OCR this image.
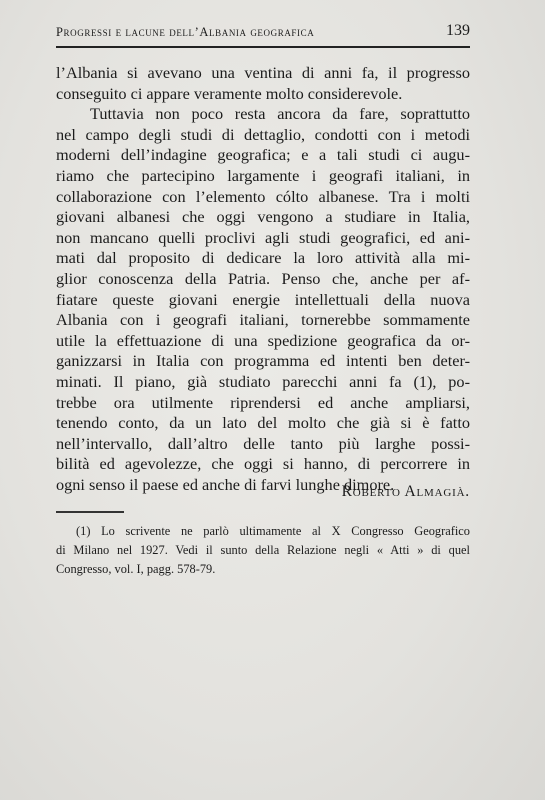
Progressi e lacune dell’Albania geografica	139
l’Albania si avevano una ventina di anni fa, il progresso
conseguito ci appare veramente molto considerevole.
Tuttavia non poco resta ancora da fare, soprattutto
nel campo degli studi di dettaglio, condotti con i metodi
moderni dell’indagine geografica; e a tali studi ci augu-
riamo che partecipino largamente i geografi italiani, in
collaborazione con l’elemento cólto albanese. Tra i molti
giovani albanesi che oggi vengono a studiare in Italia,
non mancano quelli proclivi agli studi geografici, ed ani-
mati dal proposito di dedicare la loro attività alla mi-
glior conoscenza della Patria. Penso che, anche per af-
fiatare queste giovani energie intellettuali della nuova
Albania con i geografi italiani, tornerebbe sommamente
utile la effettuazione di una spedizione geografica da or-
ganizzarsi in Italia con programma ed intenti ben deter-
minati. Il piano, già studiato parecchi anni fa (1), po-
trebbe ora utilmente riprendersi ed anche ampliarsi,
tenendo conto, da un lato del molto che già si è fatto
nell’intervallo, dall’altro delle tanto più larghe possi-
bilità ed agevolezze, che oggi si hanno, di percorrere in
ogni senso il paese ed anche di farvi lunghe dimore.
Roberto Almagià.
(1) Lo scrivente ne parlò ultimamente al X Congresso Geografico
di Milano nel 1927. Vedi il sunto della Relazione negli « Atti » di quel
Congresso, vol. I, pagg. 578-79.
